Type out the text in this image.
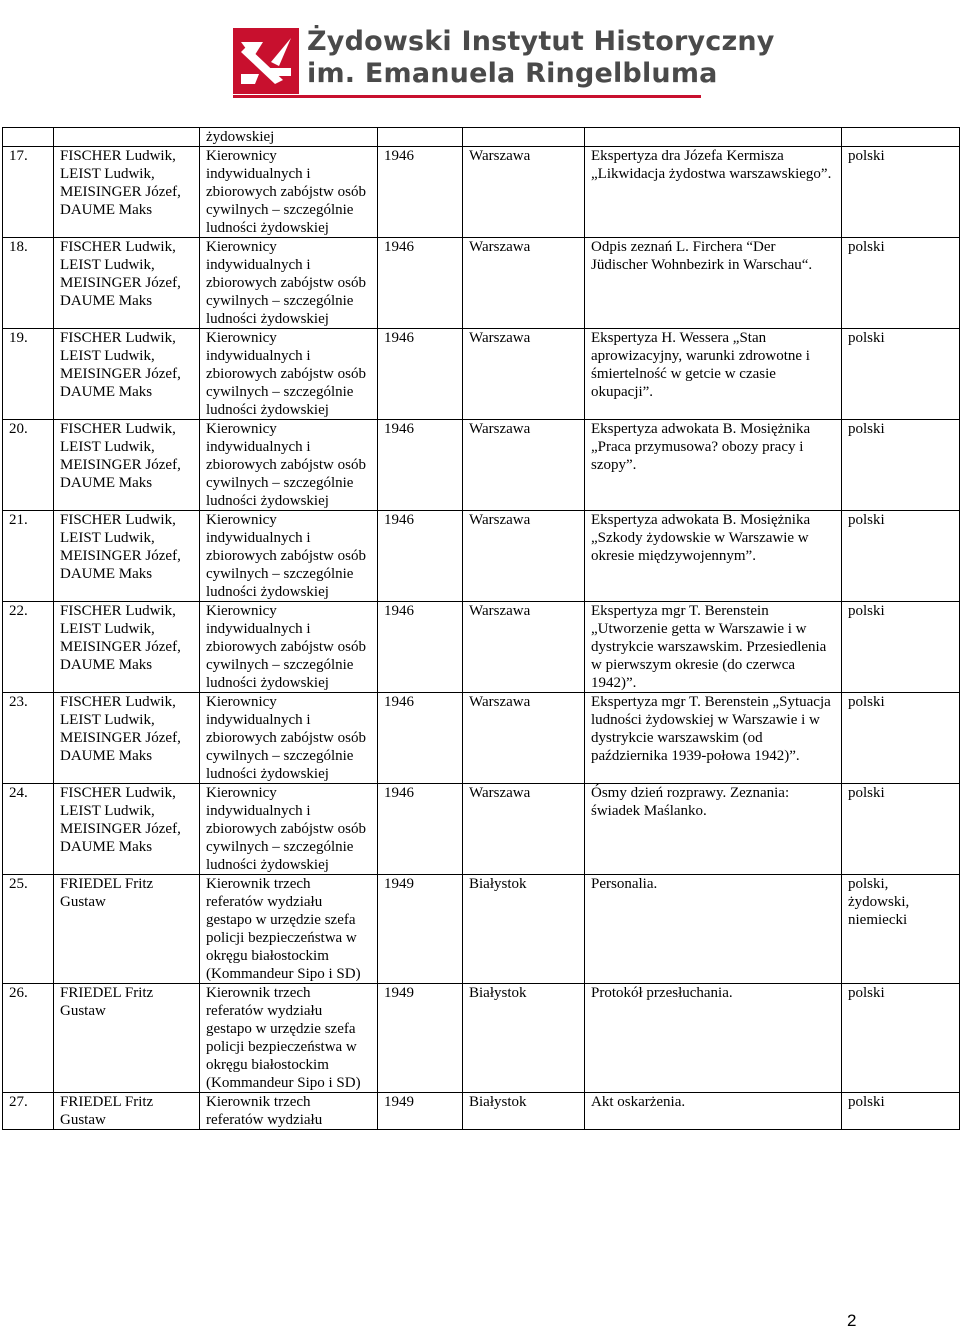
Żydowski Instytut Historyczny
im. Emanuela Ringelbluma
		żydowskiej				
17.	FISCHER Ludwik, LEIST Ludwik, MEISINGER Józef, DAUME Maks	Kierownicy indywidualnych i zbiorowych zabójstw osób cywilnych – szczególnie ludności żydowskiej	1946	Warszawa	Ekspertyza dra Józefa Kermisza „Likwidacja żydostwa warszawskiego”.	polski
18.	FISCHER Ludwik, LEIST Ludwik, MEISINGER Józef, DAUME Maks	Kierownicy indywidualnych i zbiorowych zabójstw osób cywilnych – szczególnie ludności żydowskiej	1946	Warszawa	Odpis zeznań L. Firchera “Der Jüdischer Wohnbezirk in Warschau“.	polski
19.	FISCHER Ludwik, LEIST Ludwik, MEISINGER Józef, DAUME Maks	Kierownicy indywidualnych i zbiorowych zabójstw osób cywilnych – szczególnie ludności żydowskiej	1946	Warszawa	Ekspertyza H. Wessera „Stan aprowizacyjny, warunki zdrowotne i śmiertelność w getcie w czasie okupacji”.	polski
20.	FISCHER Ludwik, LEIST Ludwik, MEISINGER Józef, DAUME Maks	Kierownicy indywidualnych i zbiorowych zabójstw osób cywilnych – szczególnie ludności żydowskiej	1946	Warszawa	Ekspertyza adwokata B. Mosiężnika „Praca przymusowa? obozy pracy i szopy”.	polski
21.	FISCHER Ludwik, LEIST Ludwik, MEISINGER Józef, DAUME Maks	Kierownicy indywidualnych i zbiorowych zabójstw osób cywilnych – szczególnie ludności żydowskiej	1946	Warszawa	Ekspertyza adwokata B. Mosiężnika „Szkody żydowskie w Warszawie w okresie międzywojennym”.	polski
22.	FISCHER Ludwik, LEIST Ludwik, MEISINGER Józef, DAUME Maks	Kierownicy indywidualnych i zbiorowych zabójstw osób cywilnych – szczególnie ludności żydowskiej	1946	Warszawa	Ekspertyza mgr T. Berenstein „Utworzenie getta w Warszawie i w dystrykcie warszawskim. Przesiedlenia w pierwszym okresie (do czerwca 1942)”.	polski
23.	FISCHER Ludwik, LEIST Ludwik, MEISINGER Józef, DAUME Maks	Kierownicy indywidualnych i zbiorowych zabójstw osób cywilnych – szczególnie ludności żydowskiej	1946	Warszawa	Ekspertyza mgr T. Berenstein „Sytuacja ludności żydowskiej w Warszawie i w dystrykcie warszawskim (od października 1939-połowa 1942)”.	polski
24.	FISCHER Ludwik, LEIST Ludwik, MEISINGER Józef, DAUME Maks	Kierownicy indywidualnych i zbiorowych zabójstw osób cywilnych – szczególnie ludności żydowskiej	1946	Warszawa	Ósmy dzień rozprawy. Zeznania: świadek Maślanko.	polski
25.	FRIEDEL Fritz Gustaw	Kierownik trzech referatów wydziału gestapo w urzędzie szefa policji bezpieczeństwa w okręgu białostockim (Kommandeur Sipo i SD)	1949	Białystok	Personalia.	polski, żydowski, niemiecki
26.	FRIEDEL Fritz Gustaw	Kierownik trzech referatów wydziału gestapo w urzędzie szefa policji bezpieczeństwa w okręgu białostockim (Kommandeur Sipo i SD)	1949	Białystok	Protokół przesłuchania.	polski
27.	FRIEDEL Fritz Gustaw	Kierownik trzech referatów wydziału	1949	Białystok	Akt oskarżenia.	polski
2
